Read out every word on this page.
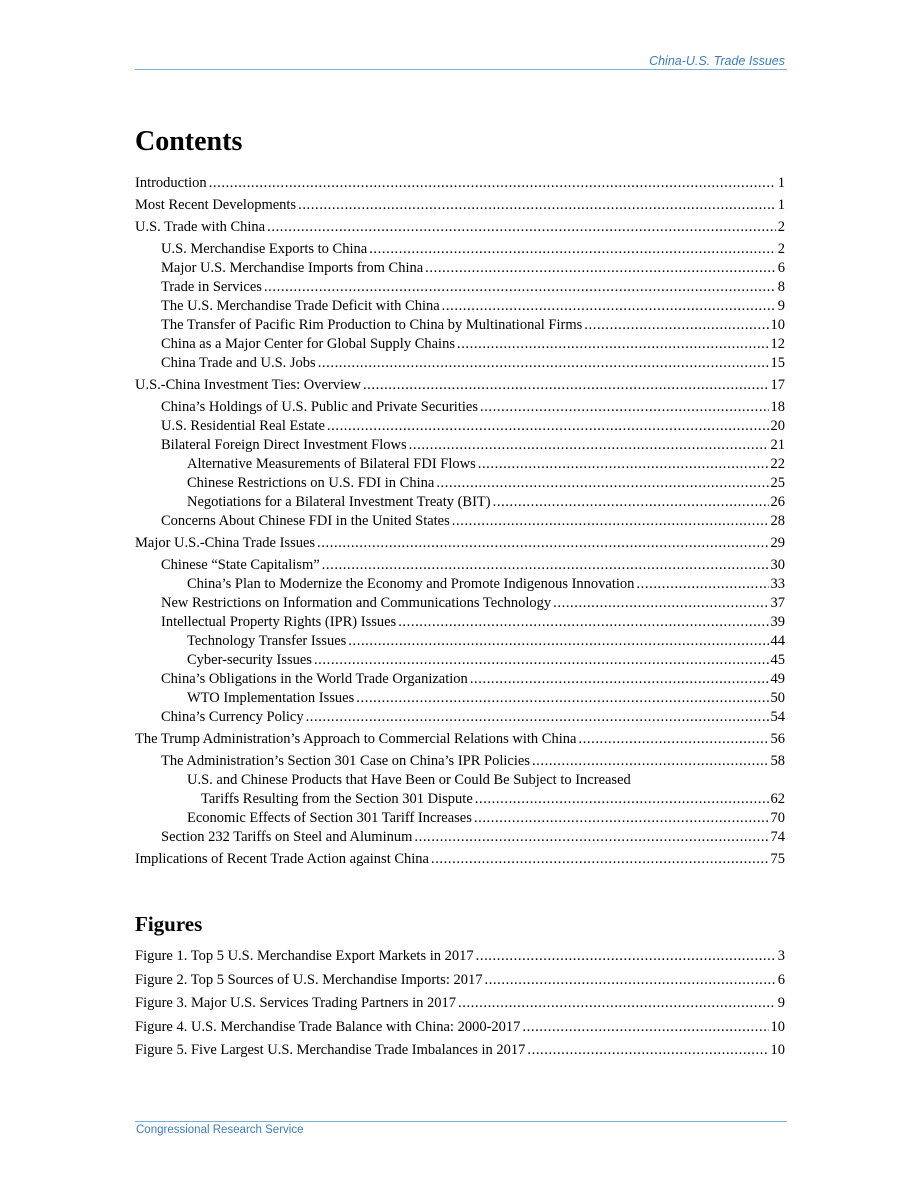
China-U.S. Trade Issues
Contents
Introduction .....	1
Most Recent Developments .....	1
U.S. Trade with China .....	2
U.S. Merchandise Exports to China .....	2
Major U.S. Merchandise Imports from China .....	6
Trade in Services .....	8
The U.S. Merchandise Trade Deficit with China .....	9
The Transfer of Pacific Rim Production to China by Multinational Firms .....	10
China as a Major Center for Global Supply Chains .....	12
China Trade and U.S. Jobs .....	15
U.S.-China Investment Ties: Overview .....	17
China’s Holdings of U.S. Public and Private Securities .....	18
U.S. Residential Real Estate .....	20
Bilateral Foreign Direct Investment Flows .....	21
Alternative Measurements of Bilateral FDI Flows .....	22
Chinese Restrictions on U.S. FDI in China .....	25
Negotiations for a Bilateral Investment Treaty (BIT) .....	26
Concerns About Chinese FDI in the United States .....	28
Major U.S.-China Trade Issues .....	29
Chinese “State Capitalism” .....	30
China’s Plan to Modernize the Economy and Promote Indigenous Innovation .....	33
New Restrictions on Information and Communications Technology .....	37
Intellectual Property Rights (IPR) Issues .....	39
Technology Transfer Issues .....	44
Cyber-security Issues .....	45
China’s Obligations in the World Trade Organization .....	49
WTO Implementation Issues .....	50
China’s Currency Policy .....	54
The Trump Administration’s Approach to Commercial Relations with China .....	56
The Administration’s Section 301 Case on China’s IPR Policies .....	58
U.S. and Chinese Products that Have Been or Could Be Subject to Increased
Tariffs Resulting from the Section 301 Dispute .....	62
Economic Effects of Section 301 Tariff Increases .....	70
Section 232 Tariffs on Steel and Aluminum .....	74
Implications of Recent Trade Action against China .....	75
Figures
Figure 1. Top 5 U.S. Merchandise Export Markets in 2017 .....	3
Figure 2. Top 5 Sources of U.S. Merchandise Imports: 2017 .....	6
Figure 3. Major U.S. Services Trading Partners in 2017 .....	9
Figure 4. U.S. Merchandise Trade Balance with China: 2000-2017 .....	10
Figure 5. Five Largest U.S. Merchandise Trade Imbalances in 2017 .....	10
Congressional Research Service
